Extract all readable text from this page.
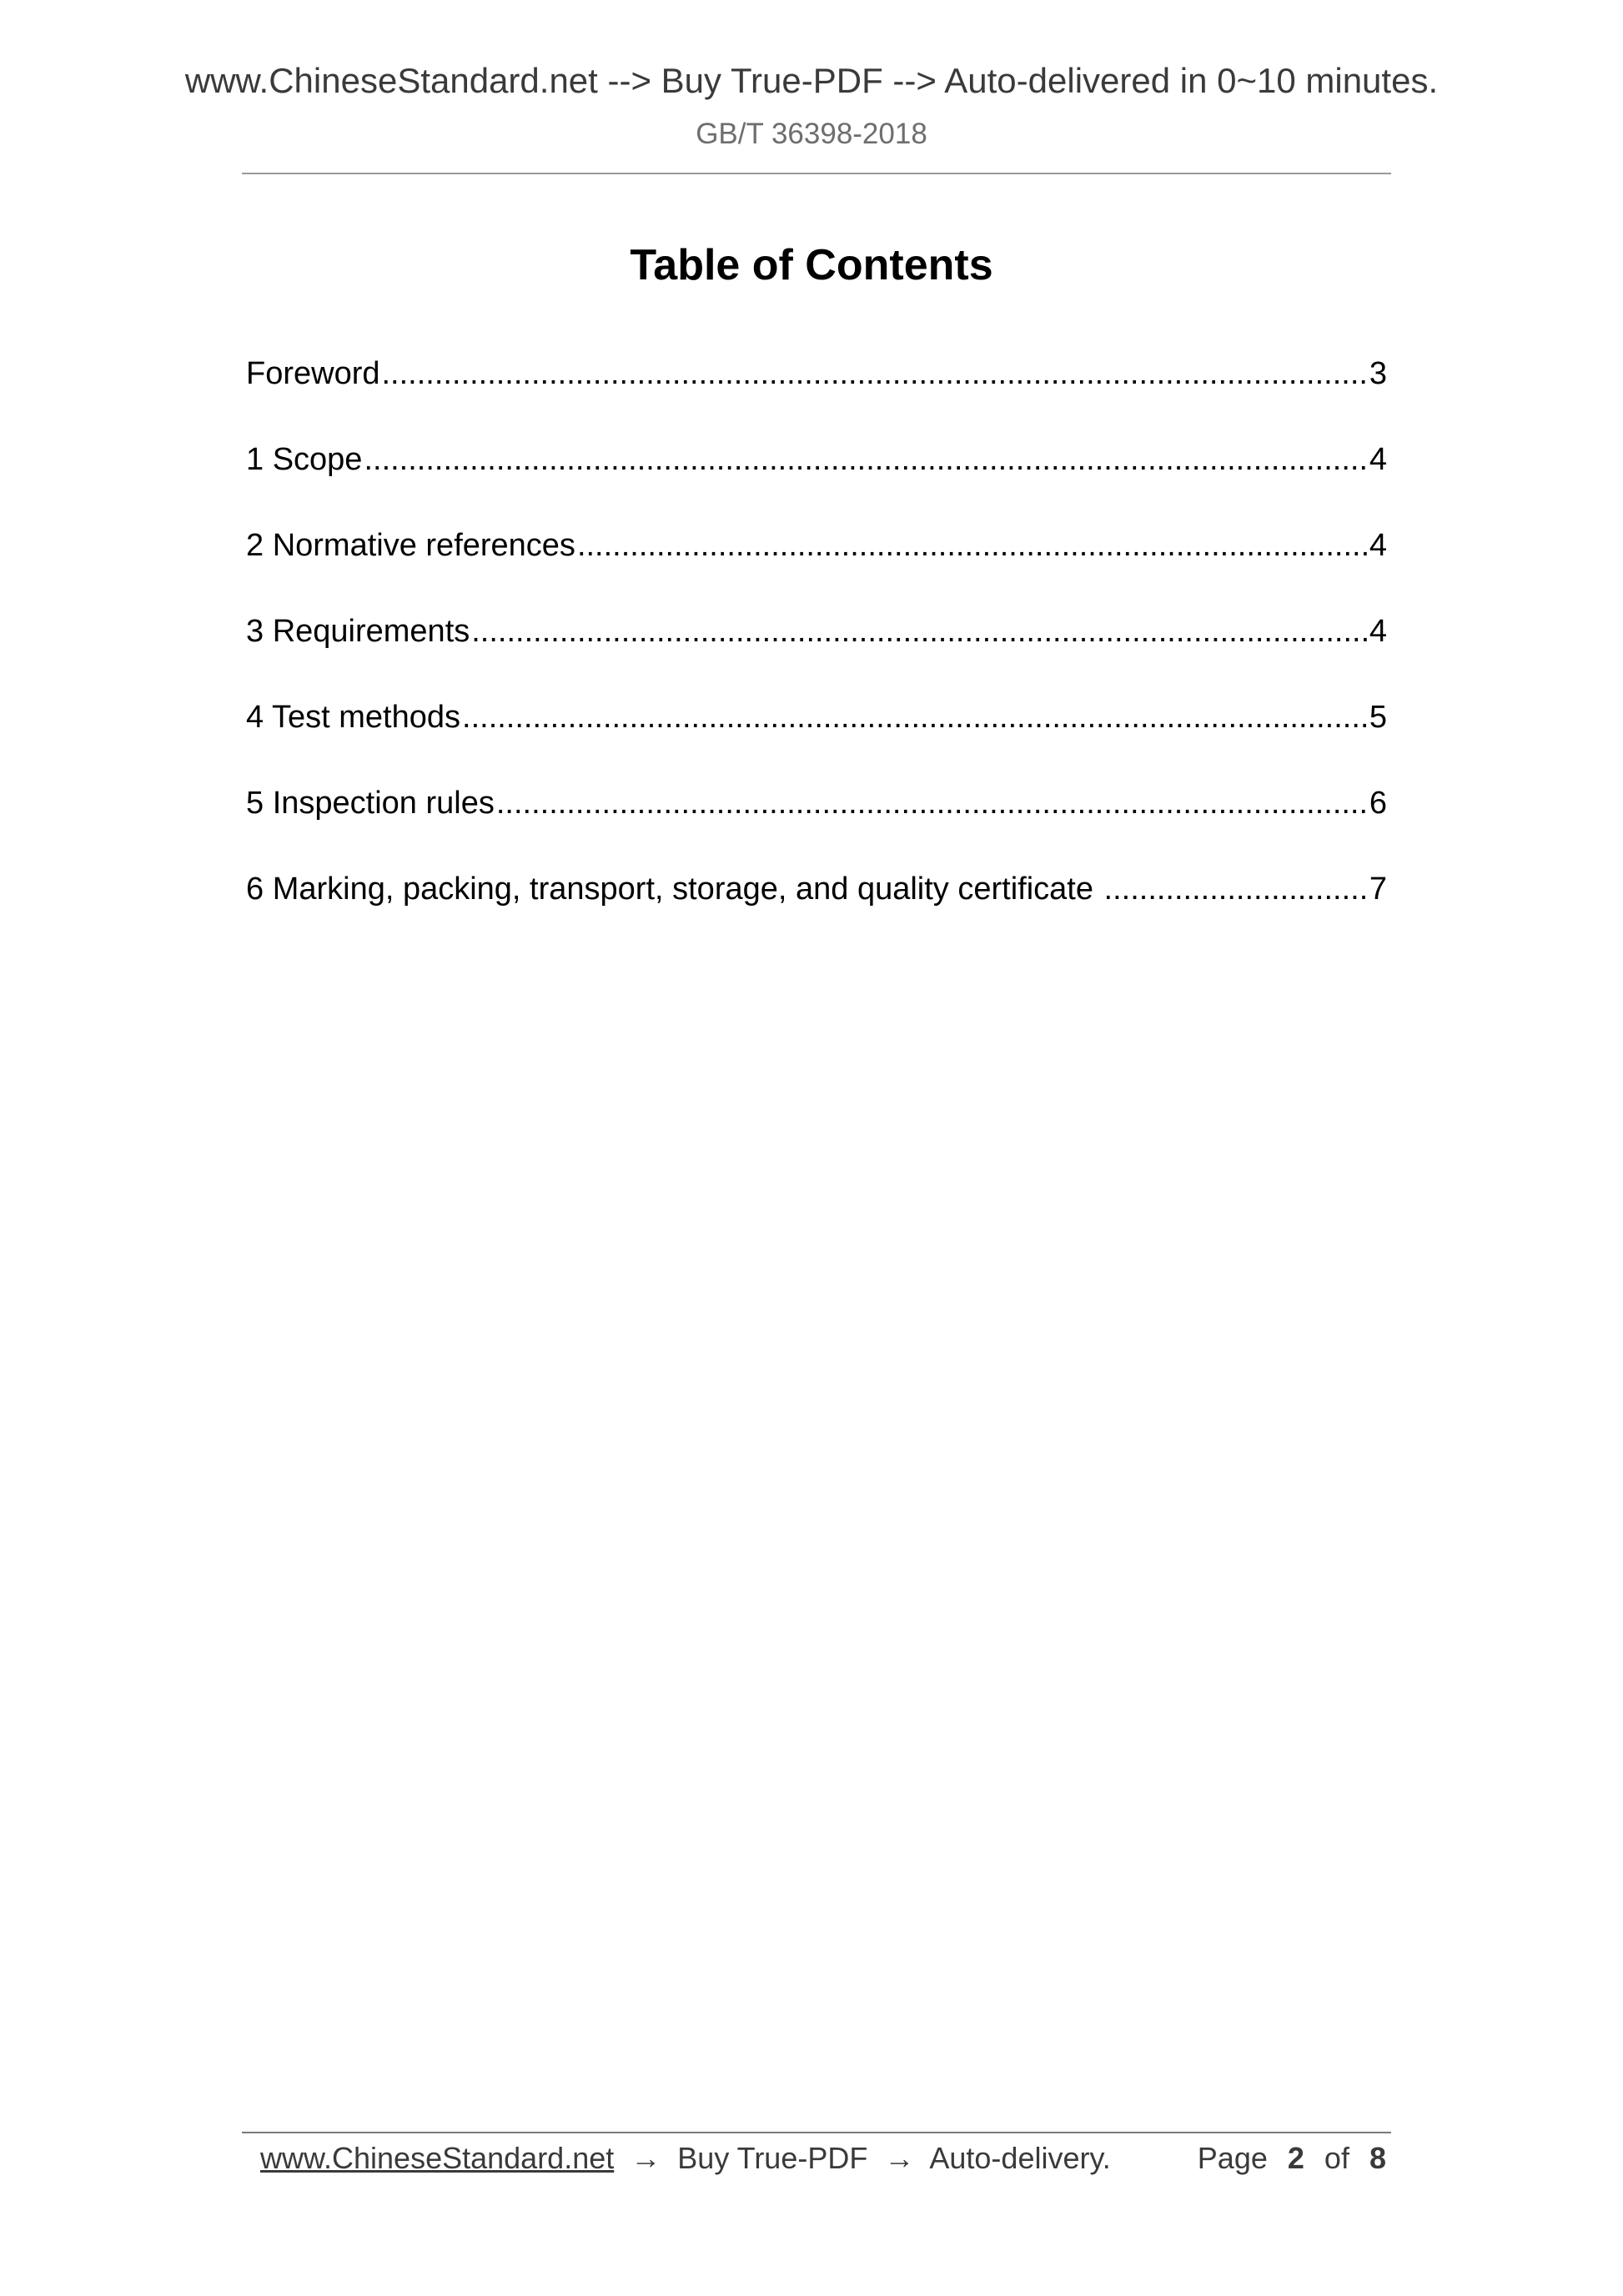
www.ChineseStandard.net --> Buy True-PDF --> Auto-delivered in 0~10 minutes.
GB/T 36398-2018
Table of Contents
Foreword .....	3
1 Scope .....	4
2 Normative references .....	4
3 Requirements .....	4
4 Test methods .....	5
5 Inspection rules .....	6
6 Marking, packing, transport, storage, and quality certificate .....	7
www.ChineseStandard.net → Buy True-PDF → Auto-delivery.	Page 2 of 8
